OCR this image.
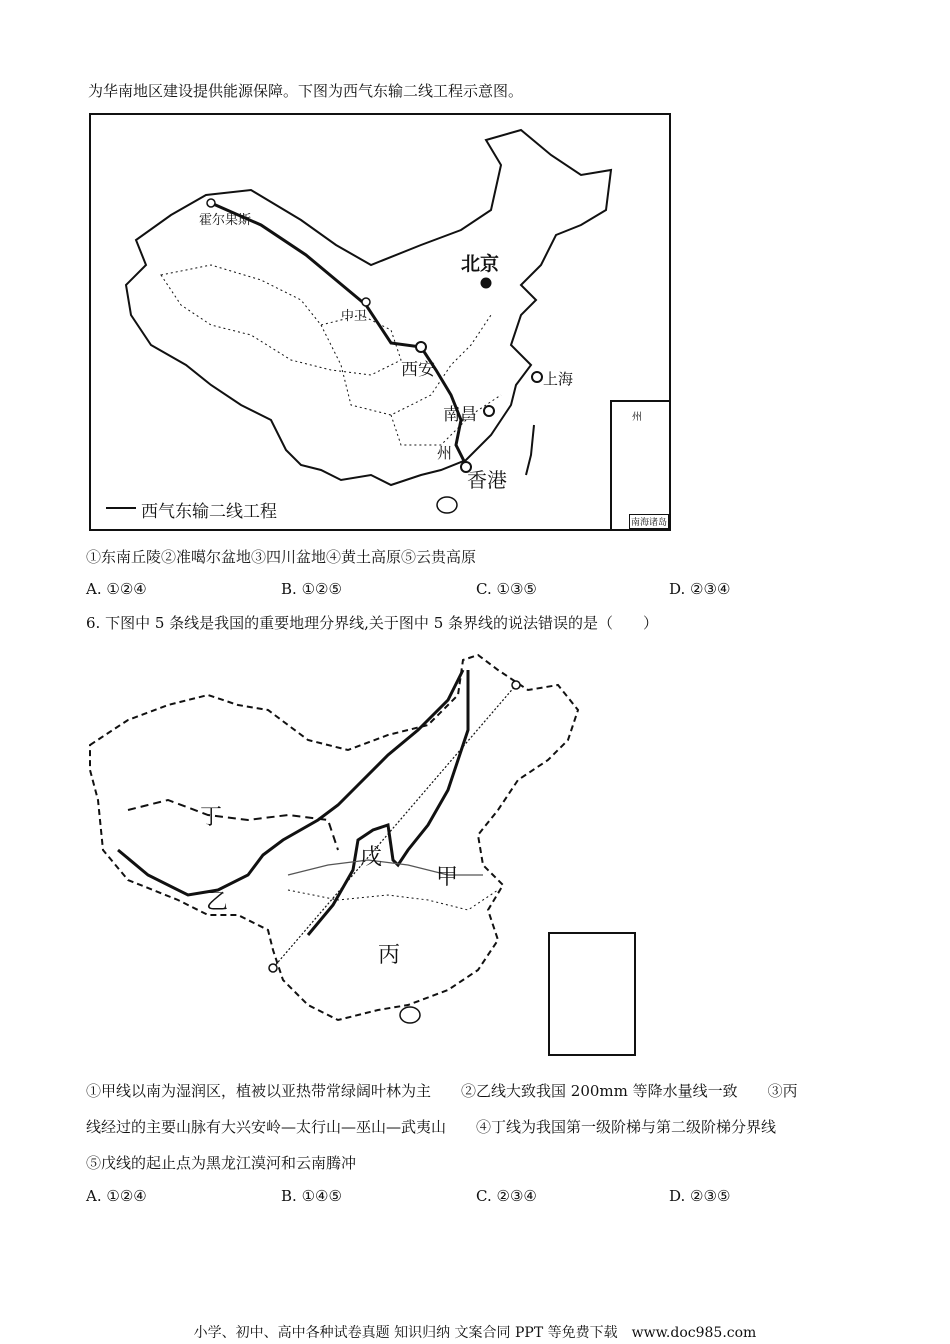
为华南地区建设提供能源保障。下图为西气东输二线工程示意图。
霍尔果斯
北京
中卫
西安	上海
南昌
州
香港
西气东输二线工程
州
南海诸岛
①东南丘陵②准噶尔盆地③四川盆地④黄土高原⑤云贵高原
A. ①②④	B. ①②⑤	C. ①③⑤	D. ②③④
6. 下图中 5 条线是我国的重要地理分界线,关于图中 5 条界线的说法错误的是（　　）
丁
乙
戊
甲
丙
①甲线以南为湿润区，植被以亚热带常绿阔叶林为主　　②乙线大致我国 200mm 等降水量线一致　　③丙
线经过的主要山脉有大兴安岭—太行山—巫山—武夷山　　④丁线为我国第一级阶梯与第二级阶梯分界线
⑤戊线的起止点为黑龙江漠河和云南腾冲
A. ①②④	B. ①④⑤	C. ②③④	D. ②③⑤
小学、初中、高中各种试卷真题 知识归纳 文案合同 PPT 等免费下载　www.doc985.com
